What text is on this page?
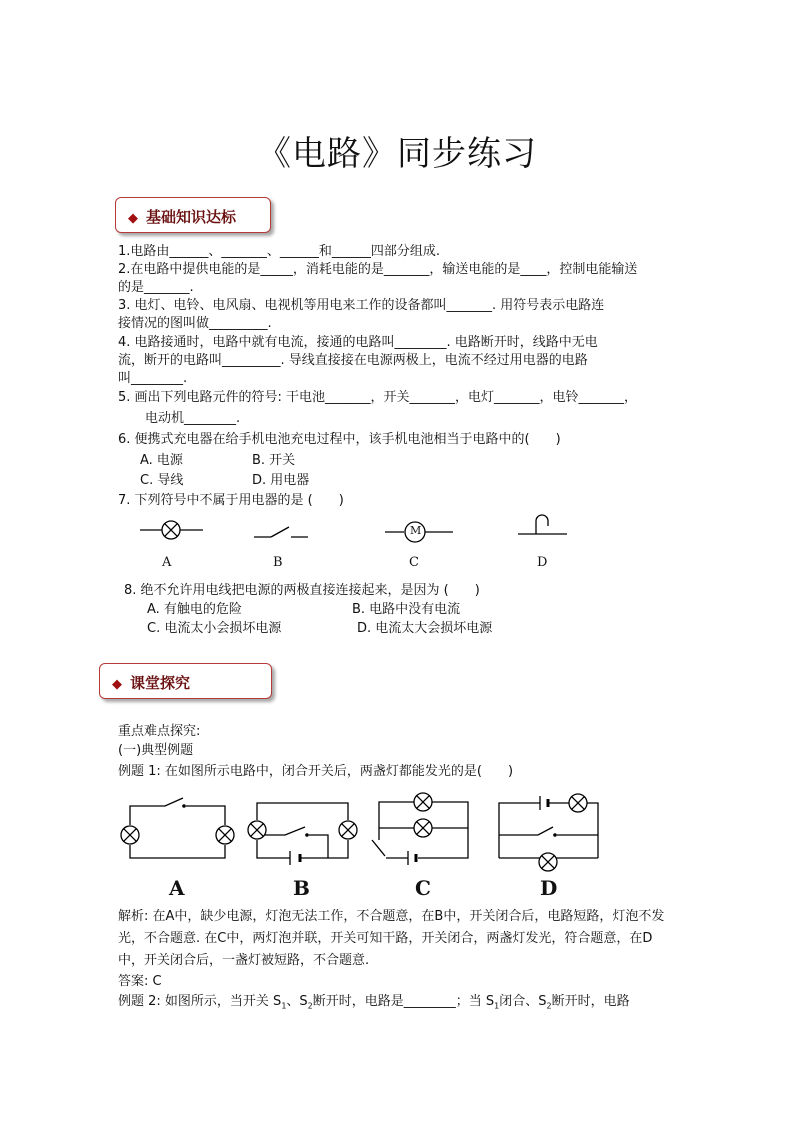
《电路》同步练习
◆ 基础知识达标
1.电路由______、_______、______和______四部分组成.
2.在电路中提供电能的是_____，消耗电能的是_______，输送电能的是____，控制电能输送
的是_______.
3. 电灯、电铃、电风扇、电视机等用电来工作的设备都叫_______. 用符号表示电路连
接情况的图叫做_________.
4. 电路接通时，电路中就有电流，接通的电路叫________. 电路断开时，线路中无电
流，断开的电路叫_________. 导线直接接在电源两极上，电流不经过用电器的电路
叫________.
5. 画出下列电路元件的符号: 干电池_______，开关_______，电灯_______，电铃_______，
电动机________.
6. 便携式充电器在给手机电池充电过程中，该手机电池相当于电路中的(　　)
A. 电源	B. 开关
C. 导线	D. 用电器
7. 下列符号中不属于用电器的是 (　　)
M
A	B	C	D
8. 绝不允许用电线把电源的两极直接连接起来，是因为 (　　)
A. 有触电的危险	B. 电路中没有电流
C. 电流太小会损坏电源	D. 电流太大会损坏电源
◆ 课堂探究
重点难点探究:
(一)典型例题
例题 1: 在如图所示电路中，闭合开关后，两盏灯都能发光的是(　　)
A	B	C	D
解析: 在A中，缺少电源，灯泡无法工作，不合题意，在B中，开关闭合后，电路短路，灯泡不发光，不合题意. 在C中，两灯泡并联，开关可知干路，开关闭合，两盏灯发光，符合题意，在D中，开关闭合后，一盏灯被短路，不合题意.
答案: C
例题 2: 如图所示，当开关 $S_1$、$S_2$断开时，电路是________；当 $S_1$闭合、$S_2$断开时，电路
